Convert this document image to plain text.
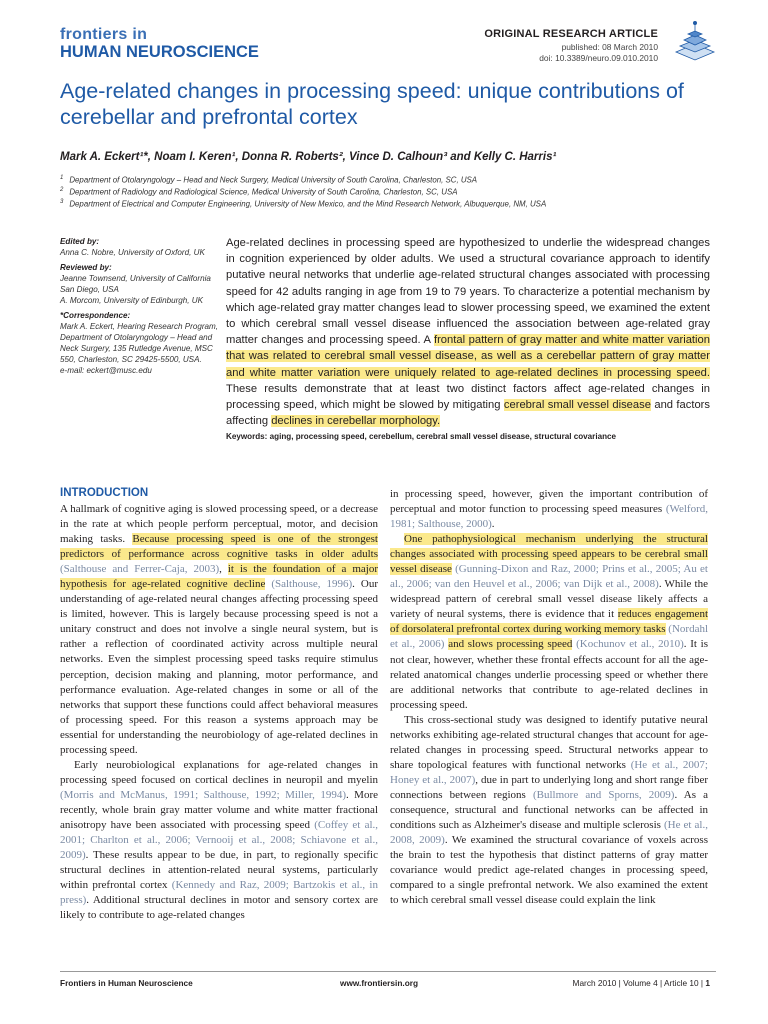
frontiers in
HUMAN NEUROSCIENCE
ORIGINAL RESEARCH ARTICLE
published: 08 March 2010
doi: 10.3389/neuro.09.010.2010
Age-related changes in processing speed: unique contributions of cerebellar and prefrontal cortex
Mark A. Eckert¹*, Noam I. Keren¹, Donna R. Roberts², Vince D. Calhoun³ and Kelly C. Harris¹
$^1$ Department of Otolaryngology – Head and Neck Surgery, Medical University of South Carolina, Charleston, SC, USA
$^2$ Department of Radiology and Radiological Science, Medical University of South Carolina, Charleston, SC, USA
$^3$ Department of Electrical and Computer Engineering, University of New Mexico, and the Mind Research Network, Albuquerque, NM, USA
Edited by:
Anna C. Nobre, University of Oxford, UK
Reviewed by:
Jeanne Townsend, University of California San Diego, USA
A. Morcom, University of Edinburgh, UK
*Correspondence:
Mark A. Eckert, Hearing Research Program, Department of Otolaryngology – Head and Neck Surgery, 135 Rutledge Avenue, MSC 550, Charleston, SC 29425-5500, USA.
e-mail: eckert@musc.edu
Age-related declines in processing speed are hypothesized to underlie the widespread changes in cognition experienced by older adults. We used a structural covariance approach to identify putative neural networks that underlie age-related structural changes associated with processing speed for 42 adults ranging in age from 19 to 79 years. To characterize a potential mechanism by which age-related gray matter changes lead to slower processing speed, we examined the extent to which cerebral small vessel disease influenced the association between age-related gray matter changes and processing speed. A frontal pattern of gray matter and white matter variation that was related to cerebral small vessel disease, as well as a cerebellar pattern of gray matter and white matter variation were uniquely related to age-related declines in processing speed. These results demonstrate that at least two distinct factors affect age-related changes in processing speed, which might be slowed by mitigating cerebral small vessel disease and factors affecting declines in cerebellar morphology.
Keywords: aging, processing speed, cerebellum, cerebral small vessel disease, structural covariance
INTRODUCTION

A hallmark of cognitive aging is slowed processing speed, or a decrease in the rate at which people perform perceptual, motor, and decision making tasks. Because processing speed is one of the strongest predictors of performance across cognitive tasks in older adults (Salthouse and Ferrer-Caja, 2003), it is the foundation of a major hypothesis for age-related cognitive decline (Salthouse, 1996). Our understanding of age-related neural changes affecting processing speed is limited, however. This is largely because processing speed is not a unitary construct and does not involve a single neural system, but is rather a reflection of coordinated activity across multiple neural networks. Even the simplest processing speed tasks require stimulus perception, decision making and planning, motor performance, and performance evaluation. Age-related changes in some or all of the networks that support these functions could affect behavioral measures of processing speed. For this reason a systems approach may be essential for understanding the neurobiology of age-related declines in processing speed.

Early neurobiological explanations for age-related changes in processing speed focused on cortical declines in neuropil and myelin (Morris and McManus, 1991; Salthouse, 1992; Miller, 1994). More recently, whole brain gray matter volume and white matter fractional anisotropy have been associated with processing speed (Coffey et al., 2001; Charlton et al., 2006; Vernooij et al., 2008; Schiavone et al., 2009). These results appear to be due, in part, to regionally specific structural declines in attention-related neural systems, particularly within prefrontal cortex (Kennedy and Raz, 2009; Bartzokis et al., in press). Additional structural declines in motor and sensory cortex are likely to contribute to age-related changes

in processing speed, however, given the important contribution of perceptual and motor function to processing speed measures (Welford, 1981; Salthouse, 2000).

One pathophysiological mechanism underlying the structural changes associated with processing speed appears to be cerebral small vessel disease (Gunning-Dixon and Raz, 2000; Prins et al., 2005; Au et al., 2006; van den Heuvel et al., 2006; van Dijk et al., 2008). While the widespread pattern of cerebral small vessel disease likely affects a variety of neural systems, there is evidence that it reduces engagement of dorsolateral prefrontal cortex during working memory tasks (Nordahl et al., 2006) and slows processing speed (Kochunov et al., 2010). It is not clear, however, whether these frontal effects account for all the age-related anatomical changes underlie processing speed or whether there are additional networks that contribute to age-related declines in processing speed.

This cross-sectional study was designed to identify putative neural networks exhibiting age-related structural changes that account for age-related changes in processing speed. Structural networks appear to share topological features with functional networks (He et al., 2007; Honey et al., 2007), due in part to underlying long and short range fiber connections between regions (Bullmore and Sporns, 2009). As a consequence, structural and functional networks can be affected in conditions such as Alzheimer's disease and multiple sclerosis (He et al., 2008, 2009). We examined the structural covariance of voxels across the brain to test the hypothesis that distinct patterns of gray matter covariance would predict age-related changes in processing speed, compared to a single prefrontal network. We also examined the extent to which cerebral small vessel disease could explain the link

Frontiers in Human Neuroscience	www.frontiersin.org	March 2010 | Volume 4 | Article 10 | 1
